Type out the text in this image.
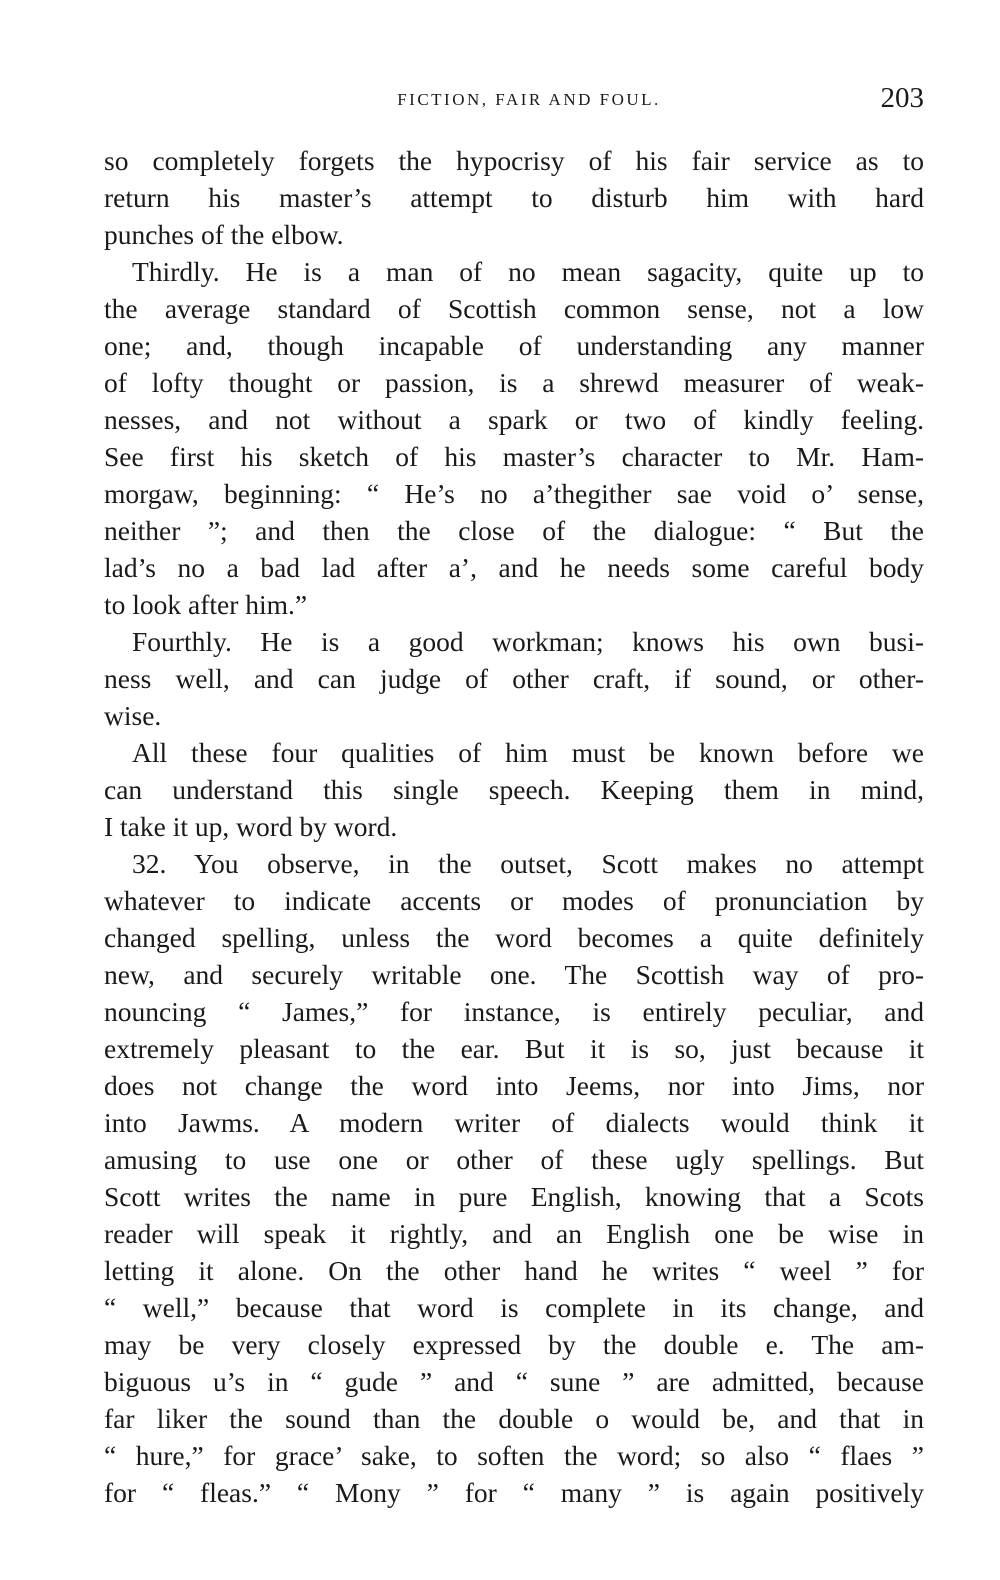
FICTION, FAIR AND FOUL.	203
so completely forgets the hypocrisy of his fair service as to
return his master’s attempt to disturb him with hard
punches of the elbow.
Thirdly. He is a man of no mean sagacity, quite up to
the average standard of Scottish common sense, not a low
one; and, though incapable of understanding any manner
of lofty thought or passion, is a shrewd measurer of weak-
nesses, and not without a spark or two of kindly feeling.
See first his sketch of his master’s character to Mr. Ham-
morgaw, beginning: “ He’s no a’thegither sae void o’ sense,
neither ”; and then the close of the dialogue: “ But the
lad’s no a bad lad after a’, and he needs some careful body
to look after him.”
Fourthly. He is a good workman; knows his own busi-
ness well, and can judge of other craft, if sound, or other-
wise.
All these four qualities of him must be known before we
can understand this single speech. Keeping them in mind,
I take it up, word by word.
32. You observe, in the outset, Scott makes no attempt
whatever to indicate accents or modes of pronunciation by
changed spelling, unless the word becomes a quite definitely
new, and securely writable one. The Scottish way of pro-
nouncing “ James,” for instance, is entirely peculiar, and
extremely pleasant to the ear. But it is so, just because it
does not change the word into Jeems, nor into Jims, nor
into Jawms. A modern writer of dialects would think it
amusing to use one or other of these ugly spellings. But
Scott writes the name in pure English, knowing that a Scots
reader will speak it rightly, and an English one be wise in
letting it alone. On the other hand he writes “ weel ” for
“ well,” because that word is complete in its change, and
may be very closely expressed by the double e. The am-
biguous u’s in “ gude ” and “ sune ” are admitted, because
far liker the sound than the double o would be, and that in
“ hure,” for grace’ sake, to soften the word; so also “ flaes ”
for “ fleas.” “ Mony ” for “ many ” is again positively
